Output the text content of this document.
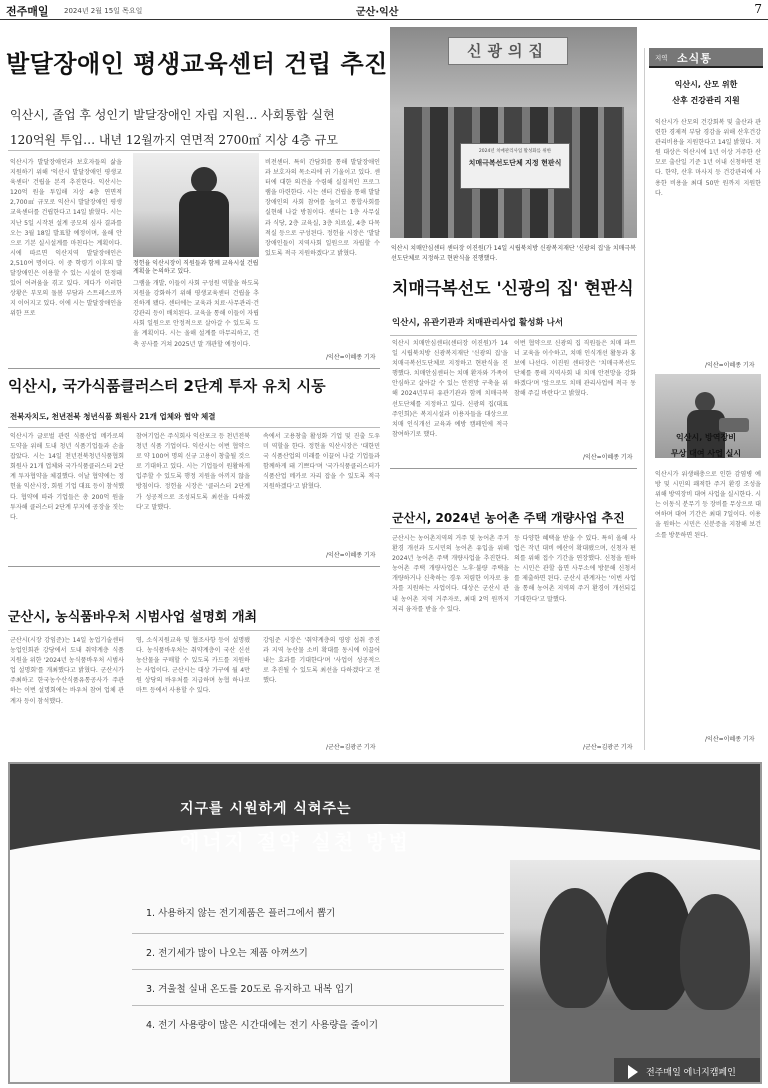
전주매일 2024년 2월 15일 목요일	군산·익산	7
발달장애인 평생교육센터 건립 추진
익산시, 졸업 후 성인기 발달장애인 자립 지원… 사회통합 실현
120억원 투입… 내년 12월까지 연면적 2700㎡ 지상 4층 규모
익산시가 발달장애인과 보호자들의 삶을 지원하기 위해 '익산시 발달장애인 평생교육센터' 건립을 본격 추진한다. 익산시는 120억 원을 투입해 지상 4층 연면적 2,700㎡ 규모로 익산시 발달장애인 평생교육센터를 건립한다고 14일 밝혔다. 시는 지난 5일 시작된 설계 공모의 심사 결과를 오는 3월 18일 발표할 예정이며, 올해 안으로 기본 실시설계를 마친다는 계획이다. 시에 따르면 익산지역 발달장애인은 2,510여 명이다. 이 중 학령기 이후의 발달장애인은 이용할 수 있는 시설이 한정돼 있어 어려움을 겪고 있다. 게다가 이러한 상황은 부모의 돌봄 부담과 스트레스로까지 이어지고 있다. 이에 시는 발달장애인을 위한 프로
정헌율 익산시장이 직원들과 함께 교육시설 건립 계획을 논의하고 있다.
그램을 개발, 이들이 사회 구성원 역할을 하도록 지원을 강화하기 위해 평생교육센터 건립을 추진하게 됐다. 센터에는 교육과 치료·사무관리·건강관리 등이 배치된다. 교육을 통해 이들이 자립 사회 일원으로 안정적으로 살아갈 수 있도록 도울 계획이다. 시는 올해 설계를 마무리하고, 건축 공사를 거쳐 2025년 말 개관할 예정이다.
비전센터. 특히 간담회를 통해 발달장애인과 보호자의 목소리에 귀 기울이고 있다. 센터에 대한 의견을 수렴해 실질적인 프로그램을 마련한다. 시는 센터 건립을 통해 발달장애인의 사회 참여를 높이고 통합사회를 실현해 나갈 방침이다. 센터는 1층 사무실과 식당, 2층 교육실, 3층 치료실, 4층 다목적실 등으로 구성된다. 정헌율 시장은 '발달장애인들이 지역사회 일원으로 자립할 수 있도록 적극 지원하겠다'고 밝혔다.
/익산=이혜종 기자
신광의집
2024년 치매관리사업 활성화를 위한
치매극복선도단체 지정 현판식
익산시 치매안심센터 센터장 이진원(가 14일 시립북치방 신광복지재단 '신광의 집'을 치매극복선도단체로 지정하고 현판식을 진행했다.
치매극복선도 '신광의 집' 현판식
익산시, 유관기관과 치매관리사업 활성화 나서
익산시 치매안심센터(센터장 이진원)가 14일 시립북치방 신광복지재단 '신광의 집'을 치매극복선도단체로 지정하고 현판식을 진행했다. 치매안심센터는 치매 환자와 가족이 안심하고 살아갈 수 있는 안전망 구축을 위해 2024년부터 유관기관과 함께 치매극복선도단체를 지정하고 있다. 신광의 집(대표 주인희)은 복지시설과 이용자들을 대상으로 치매 인식개선 교육과 예방 캠페인에 적극 참여하기로 했다.
이번 협약으로 신광의 집 직원들은 치매 파트너 교육을 이수하고, 치매 인식개선 활동과 홍보에 나선다. 이진원 센터장은 '치매극복선도단체를 통해 지역사회 내 치매 안전망을 강화하겠다'며 '앞으로도 치매 관리사업에 적극 동참해 주길 바란다'고 밝혔다.
/익산=이혜종 기자
익산시, 국가식품클러스터 2단계 투자 유치 시동
전북자치도, 천년전북 청년식품 회원사 21개 업체와 협약 체결
익산시가 글로벌 관련 식품산업 메카로의 도약을 위해 도내 청년 식품기업들과 손을 잡았다. 시는 14일 천년전북청년식품협회 회원사 21개 업체와 국가식품클러스터 2단계 투자협약을 체결했다. 이날 협약에는 정헌율 익산시장, 회원 기업 대표 등이 참석했다. 협약에 따라 기업들은 총 200억 원을 투자해 클러스터 2단계 부지에 공장을 짓는다.
참여기업은 주식회사 익산포크 등 천년전북 청년 식품 기업이다. 익산시는 이번 협약으로 약 100여 명의 신규 고용이 창출될 것으로 기대하고 있다. 시는 기업들이 원활하게 입주할 수 있도록 행정 지원을 아끼지 않을 방침이다. 정헌율 시장은 '클러스터 2단계가 성공적으로 조성되도록 최선을 다하겠다'고 말했다.
속에서 고용창출 활성화 기업 및 진출 도우미 역할을 한다. 정헌율 익산시장은 '대한민국 식품산업의 미래를 이끌어 나갈 기업들과 함께하게 돼 기쁘다'며 '국가식품클러스터가 식품산업 메카로 자리 잡을 수 있도록 적극 지원하겠다'고 밝혔다.
/익산=이혜종 기자
군산시, 2024년 농어촌 주택 개량사업 추진
군산시는 농어촌지역의 거주 및 농어촌 주거환경 개선과 도시민의 농어촌 유입을 위해 2024년 농어촌 주택 개량사업을 추진한다. 농어촌 주택 개량사업은 노후·불량 주택을 개량하거나 신축하는 경우 저렴한 이자로 융자를 지원하는 사업이다. 대상은 군산시 관내 농어촌 지역 거주자로, 최대 2억 원까지 저리 융자를 받을 수 있다.
등 다양한 혜택을 받을 수 있다. 특히 올해 사업은 작년 대비 예산이 확대됐으며, 신청자 편의를 위해 접수 기간을 연장했다. 신청을 원하는 시민은 관할 읍면 사무소에 방문해 신청서를 제출하면 된다. 군산시 관계자는 '이번 사업을 통해 농어촌 지역의 주거 환경이 개선되길 기대한다'고 말했다.
/군산=김광곤 기자
군산시, 농식품바우처 시범사업 설명회 개최
군산시(시장 강임준)는 14일 농업기술센터 농업인회관 강당에서 도내 취약계층 식품 지원을 위한 '2024년 농식품바우처 시범사업 설명회'를 개최했다고 밝혔다. 군산시가 주최하고 한국농수산식품유통공사가 주관하는 이번 설명회에는 바우처 참여 업체 관계자 등이 참석했다.
영, 소식지원교육 및 협조사항 등이 설명됐다. 농식품바우처는 취약계층이 국산 신선 농산물을 구매할 수 있도록 카드를 지원하는 사업이다. 군산시는 대상 가구에 월 4만 원 상당의 바우처를 지급하며 농협 하나로마트 등에서 사용할 수 있다.
강임준 시장은 '취약계층의 영양 섭취 증진과 지역 농산물 소비 확대를 동시에 이끌어내는 효과를 기대한다'며 '사업이 성공적으로 추진될 수 있도록 최선을 다하겠다'고 전했다.
/군산=김광곤 기자
지역 소식통
익산시, 산모 위한
산후 건강관리 지원
익산시가 산모의 건강회복 및 출산과 관련한 경제적 부담 경감을 위해 산후건강관리비용을 지원한다고 14일 밝혔다. 지원 대상은 익산시에 1년 이상 거주한 산모로 출산일 기준 1년 이내 신청하면 된다. 한약, 산후 마사지 등 건강관리에 사용한 비용을 최대 50만 원까지 지원한다.
/익산=이혜종 기자
익산시, 방역장비
무상 대여 사업 실시
익산시가 위생해충으로 인한 감염병 예방 및 시민의 쾌적한 주거 환경 조성을 위해 방역장비 대여 사업을 실시한다. 시는 이동식 분무기 등 장비를 무상으로 대여하며 대여 기간은 최대 7일이다. 이용을 원하는 시민은 신분증을 지참해 보건소를 방문하면 된다.
/익산=이혜종 기자
지구를 시원하게 식혀주는
에너지 절약 실천 방법
1. 사용하지 않는 전기제품은 플러그에서 뽑기
2. 전기세가 많이 나오는 제품 아껴쓰기
3. 겨울철 실내 온도를 20도로 유지하고 내복 입기
4. 전기 사용량이 많은 시간대에는 전기 사용량을 줄이기
전주매일 에너지캠페인
